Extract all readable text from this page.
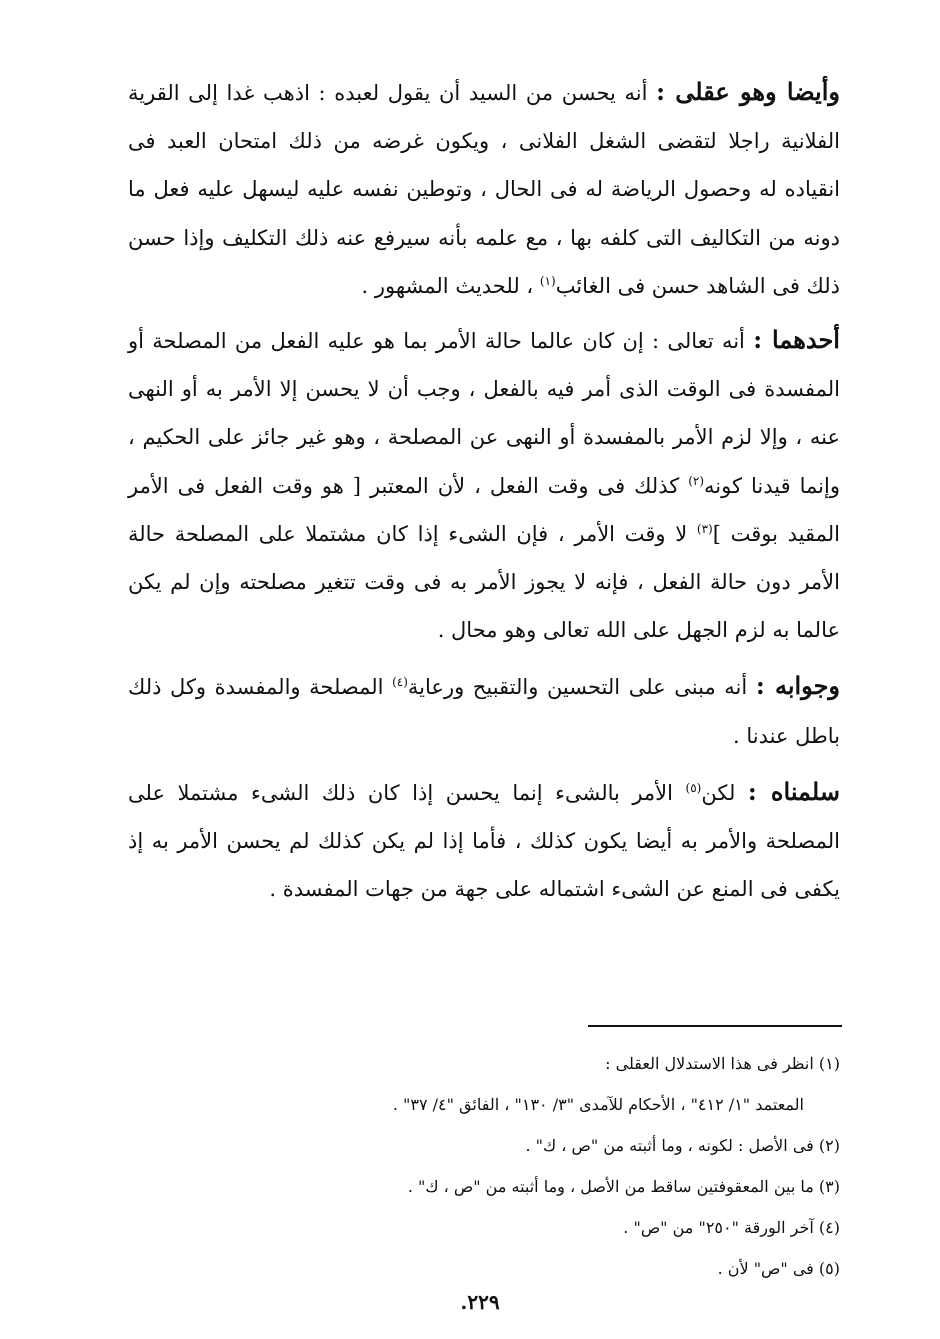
وأيضا وهو عقلى : أنه يحسن من السيد أن يقول لعبده : اذهب غدا إلى القرية الفلانية راجلا لتقضى الشغل الفلانى ، ويكون غرضه من ذلك امتحان العبد فى انقياده له وحصول الرياضة له فى الحال ، وتوطين نفسه عليه ليسهل عليه فعل ما دونه من التكاليف التى كلفه بها ، مع علمه بأنه سيرفع عنه ذلك التكليف وإذا حسن ذلك فى الشاهد حسن فى الغائب$^{(١)}$ ، للحديث المشهور .

أحدهما : أنه تعالى : إن كان عالما حالة الأمر بما هو عليه الفعل من المصلحة أو المفسدة فى الوقت الذى أمر فيه بالفعل ، وجب أن لا يحسن إلا الأمر به أو النهى عنه ، وإلا لزم الأمر بالمفسدة أو النهى عن المصلحة ، وهو غير جائز على الحكيم ، وإنما قيدنا كونه$^{(٢)}$ كذلك فى وقت الفعل ، لأن المعتبر [ هو وقت الفعل فى الأمر المقيد بوقت ]$^{(٣)}$ لا وقت الأمر ، فإن الشىء إذا كان مشتملا على المصلحة حالة الأمر دون حالة الفعل ، فإنه لا يجوز الأمر به فى وقت تتغير مصلحته وإن لم يكن عالما به لزم الجهل على الله تعالى وهو محال .

وجوابه : أنه مبنى على التحسين والتقبيح ورعاية$^{(٤)}$ المصلحة والمفسدة وكل ذلك باطل عندنا .

سلمناه : لكن$^{(٥)}$ الأمر بالشىء إنما يحسن إذا كان ذلك الشىء مشتملا على المصلحة والأمر به أيضا يكون كذلك ، فأما إذا لم يكن كذلك لم يحسن الأمر به إذ يكفى فى المنع عن الشىء اشتماله على جهة من جهات المفسدة .

(١) انظر فى هذا الاستدلال العقلى :

المعتمد "١/ ٤١٢" ، الأحكام للآمدى "٣/ ١٣٠" ، الفائق "٤/ ٣٧" .

(٢) فى الأصل : لكونه ، وما أثبته من "ص ، ك" .

(٣) ما بين المعقوفتين ساقط من الأصل ، وما أثبته من "ص ، ك" .

(٤) آخر الورقة "٢٥٠" من "ص" .

(٥) فى "ص" لأن .

٢٢٩.
